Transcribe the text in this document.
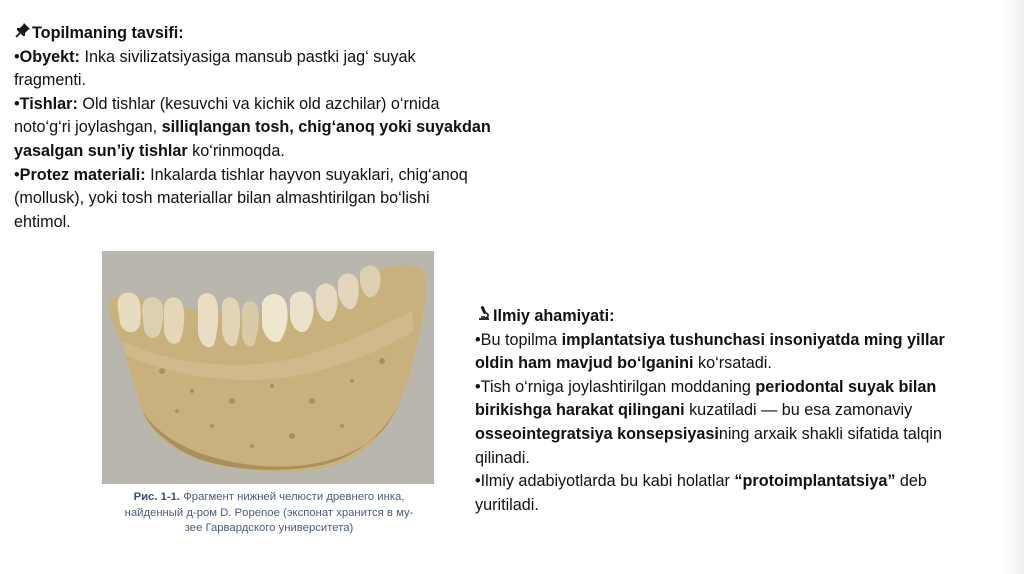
Topilmaning tavsifi:
•Obyekt: Inka sivilizatsiyasiga mansub pastki jag‘ suyak
fragmenti.
•Tishlar: Old tishlar (kesuvchi va kichik old azchilar) o‘rnida
noto‘g‘ri joylashgan, silliqlangan tosh, chig‘anoq yoki suyakdan
yasalgan sun’iy tishlar ko‘rinmoqda.
•Protez materiali: Inkalarda tishlar hayvon suyaklari, chig‘anoq
(mollusk), yoki tosh materiallar bilan almashtirilgan bo‘lishi
ehtimol.
Рис. 1-1. Фрагмент нижней челюсти древнего инка,
найденный д-ром D. Popenoe (экспонат хранится в му-
зее Гарвардского университета)
Ilmiy ahamiyati:
•Bu topilma implantatsiya tushunchasi insoniyatda ming yillar
oldin ham mavjud bo‘lganini ko‘rsatadi.
•Tish o‘rniga joylashtirilgan moddaning periodontal suyak bilan
birikishga harakat qilingani kuzatiladi — bu esa zamonaviy
osseointegratsiya konsepsiyasining arxaik shakli sifatida talqin
qilinadi.
•Ilmiy adabiyotlarda bu kabi holatlar “protoimplantatsiya” deb
yuritiladi.
